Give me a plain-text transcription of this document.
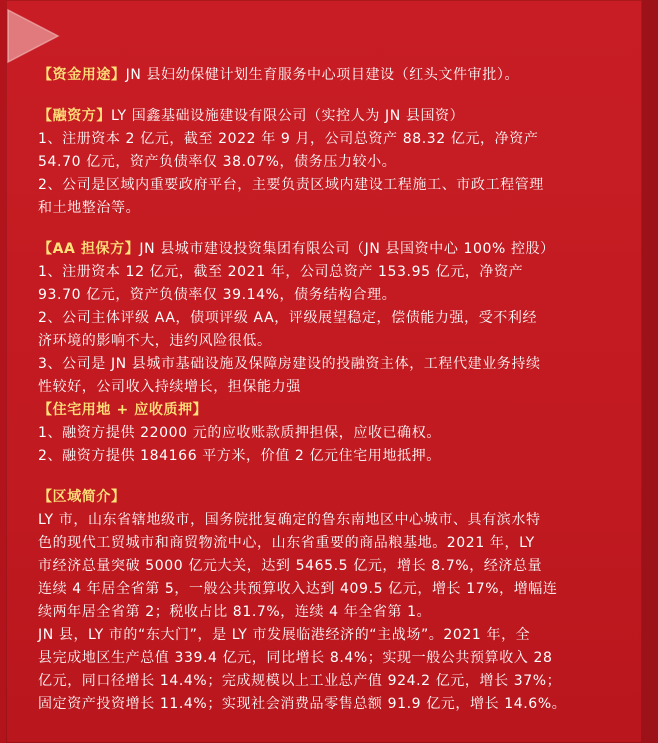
【资金用途】JN 县妇幼保健计划生育服务中心项目建设（红头文件审批）。

【融资方】LY 国鑫基础设施建设有限公司（实控人为 JN 县国资）

1、注册资本 2 亿元，截至 2022 年 9 月，公司总资产 88.32 亿元，净资产

54.70 亿元，资产负债率仅 38.07%，债务压力较小。

2、公司是区域内重要政府平台，主要负责区域内建设工程施工、市政工程管理

和土地整治等。

【AA 担保方】JN 县城市建设投资集团有限公司（JN 县国资中心 100% 控股）

1、注册资本 12 亿元，截至 2021 年，公司总资产 153.95 亿元，净资产

93.70 亿元，资产负债率仅 39.14%，债务结构合理。

2、公司主体评级 AA，债项评级 AA，评级展望稳定，偿债能力强，受不利经

济环境的影响不大，违约风险很低。

3、公司是 JN 县城市基础设施及保障房建设的投融资主体，工程代建业务持续

性较好，公司收入持续增长，担保能力强

【住宅用地 + 应收质押】

1、融资方提供 22000 元的应收账款质押担保，应收已确权。

2、融资方提供 184166 平方米，价值 2 亿元住宅用地抵押。

【区域简介】

LY 市，山东省辖地级市，国务院批复确定的鲁东南地区中心城市、具有滨水特

色的现代工贸城市和商贸物流中心，山东省重要的商品粮基地。2021 年，LY

市经济总量突破 5000 亿元大关，达到 5465.5 亿元，增长 8.7%，经济总量

连续 4 年居全省第 5，一般公共预算收入达到 409.5 亿元，增长 17%，增幅连

续两年居全省第 2；税收占比 81.7%，连续 4 年全省第 1。

JN 县，LY 市的“东大门”，是 LY 市发展临港经济的“主战场”。2021 年，全

县完成地区生产总值 339.4 亿元，同比增长 8.4%；实现一般公共预算收入 28

亿元，同口径增长 14.4%；完成规模以上工业总产值 924.2 亿元，增长 37%；

固定资产投资增长 11.4%；实现社会消费品零售总额 91.9 亿元，增长 14.6%。
